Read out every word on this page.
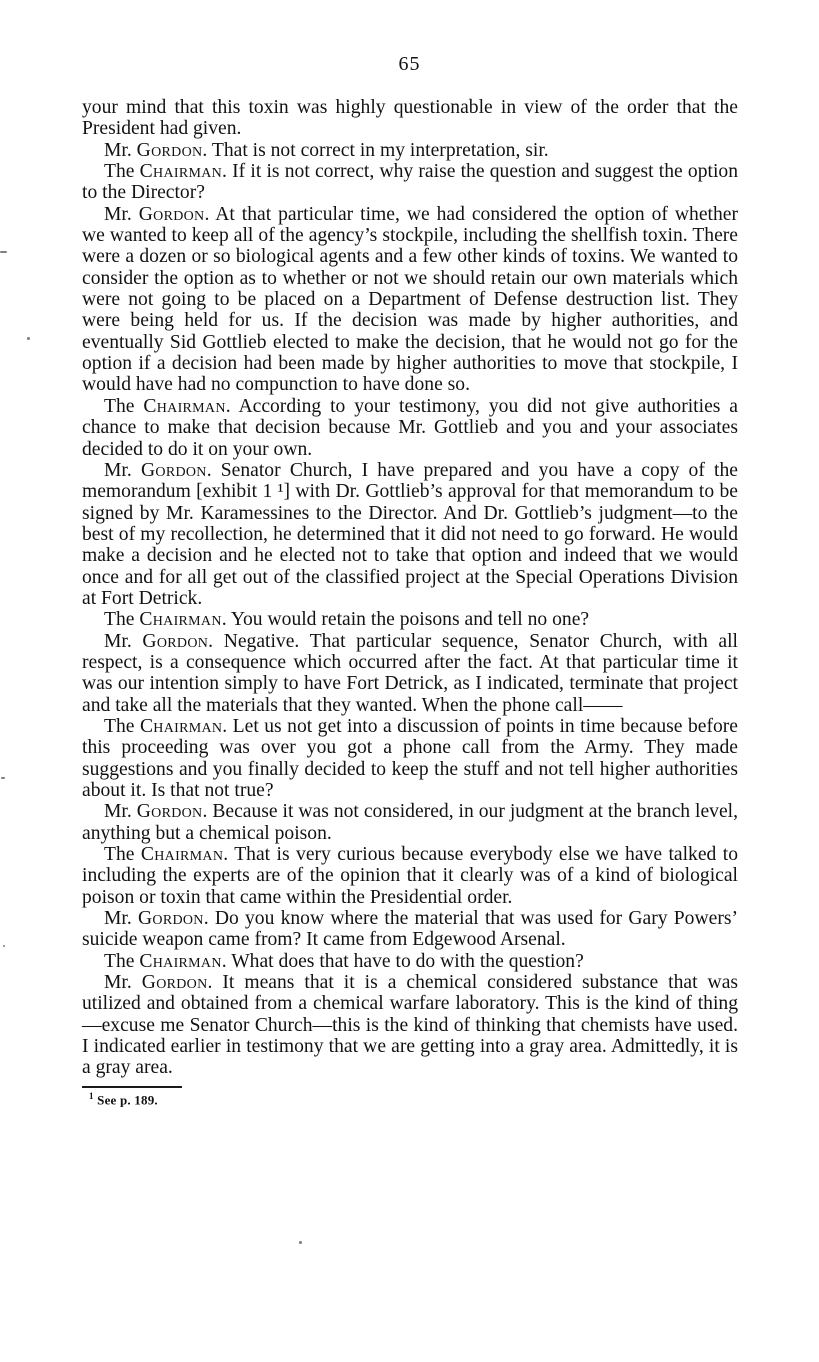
65

your mind that this toxin was highly questionable in view of the order that the President had given.

Mr. Gordon. That is not correct in my interpretation, sir.

The Chairman. If it is not correct, why raise the question and suggest the option to the Director?

Mr. Gordon. At that particular time, we had considered the option of whether we wanted to keep all of the agency’s stockpile, including the shellfish toxin. There were a dozen or so biological agents and a few other kinds of toxins. We wanted to consider the option as to whether or not we should retain our own materials which were not going to be placed on a Department of Defense destruction list. They were being held for us. If the decision was made by higher authorities, and eventually Sid Gottlieb elected to make the decision, that he would not go for the option if a decision had been made by higher authorities to move that stockpile, I would have had no compunction to have done so.

The Chairman. According to your testimony, you did not give authorities a chance to make that decision because Mr. Gottlieb and you and your associates decided to do it on your own.

Mr. Gordon. Senator Church, I have prepared and you have a copy of the memorandum [exhibit 1 ¹] with Dr. Gottlieb’s approval for that memorandum to be signed by Mr. Karamessines to the Director. And Dr. Gottlieb’s judgment—to the best of my recollection, he determined that it did not need to go forward. He would make a decision and he elected not to take that option and indeed that we would once and for all get out of the classified project at the Special Operations Division at Fort Detrick.

The Chairman. You would retain the poisons and tell no one?

Mr. Gordon. Negative. That particular sequence, Senator Church, with all respect, is a consequence which occurred after the fact. At that particular time it was our intention simply to have Fort Detrick, as I indicated, terminate that project and take all the materials that they wanted. When the phone call——

The Chairman. Let us not get into a discussion of points in time because before this proceeding was over you got a phone call from the Army. They made suggestions and you finally decided to keep the stuff and not tell higher authorities about it. Is that not true?

Mr. Gordon. Because it was not considered, in our judgment at the branch level, anything but a chemical poison.

The Chairman. That is very curious because everybody else we have talked to including the experts are of the opinion that it clearly was of a kind of biological poison or toxin that came within the Presidential order.

Mr. Gordon. Do you know where the material that was used for Gary Powers’ suicide weapon came from? It came from Edgewood Arsenal.

The Chairman. What does that have to do with the question?

Mr. Gordon. It means that it is a chemical considered substance that was utilized and obtained from a chemical warfare laboratory. This is the kind of thing—excuse me Senator Church—this is the kind of thinking that chemists have used. I indicated earlier in testimony that we are getting into a gray area. Admittedly, it is a gray area.

$^1$ See p. 189.
